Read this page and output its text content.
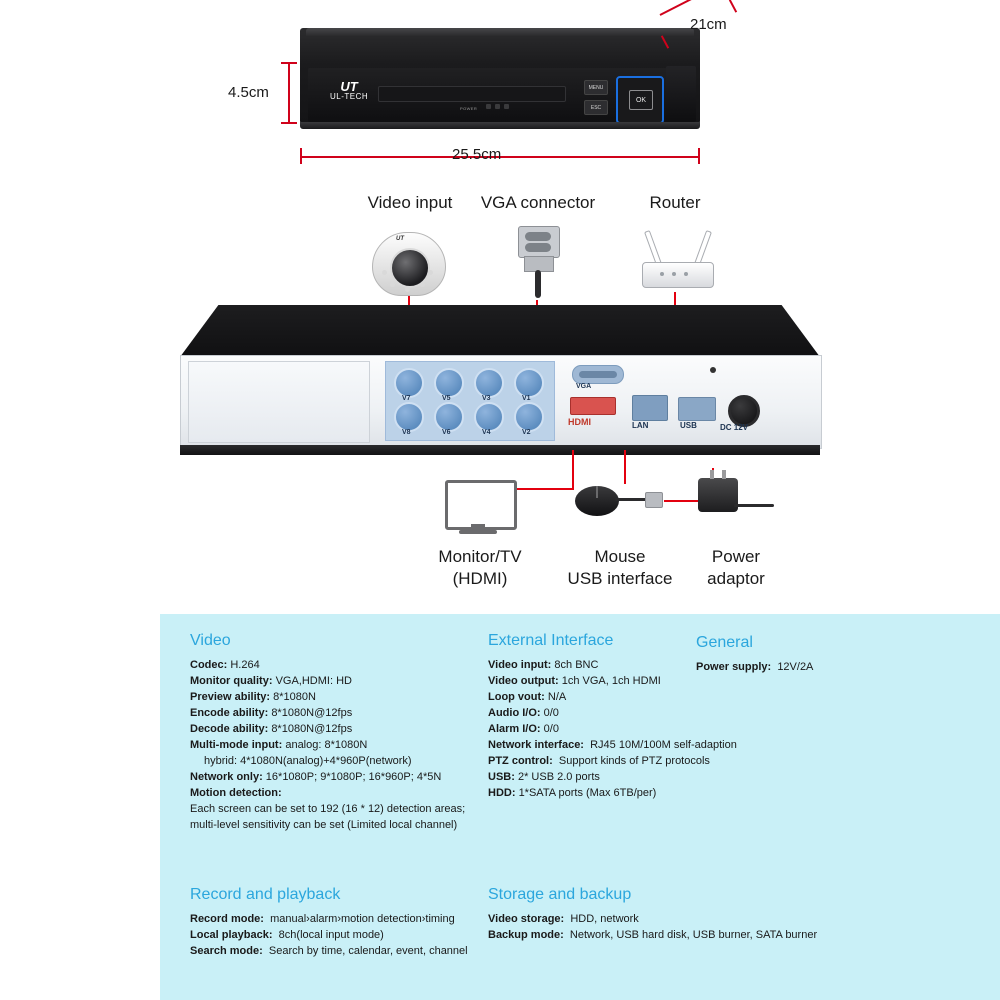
UT
UL-TECH
POWER
MENU
ESC
OK
25.5cm
4.5cm
21cm
Video input	VGA connector	Router
UT
V7	V5	V3	V1
V8	V6	V4	V2
VGA
HDMI	LAN	USB	DC 12V
Monitor/TV
(HDMI)
Mouse
USB interface
Power
adaptor
Video
Codec: H.264
Monitor quality: VGA,HDMI: HD
Preview ability: 8*1080N
Encode ability: 8*1080N@12fps
Decode ability: 8*1080N@12fps
Multi-mode input: analog: 8*1080N
hybrid: 4*1080N(analog)+4*960P(network)
Network only: 16*1080P; 9*1080P; 16*960P; 4*5N
Motion detection:
Each screen can be set to 192 (16 * 12) detection areas;
multi-level sensitivity can be set (Limited local channel)
External Interface
Video input: 8ch BNC
Video output: 1ch VGA, 1ch HDMI
Loop vout: N/A
Audio I/O: 0/0
Alarm I/O: 0/0
Network interface: RJ45 10M/100M self-adaption
PTZ control: Support kinds of PTZ protocols
USB: 2* USB 2.0 ports
HDD: 1*SATA ports (Max 6TB/per)
General
Power supply: 12V/2A
Record and playback
Record mode: manual›alarm›motion detection›timing
Local playback: 8ch(local input mode)
Search mode: Search by time, calendar, event, channel
Storage and backup
Video storage: HDD, network
Backup mode: Network, USB hard disk, USB burner, SATA burner
